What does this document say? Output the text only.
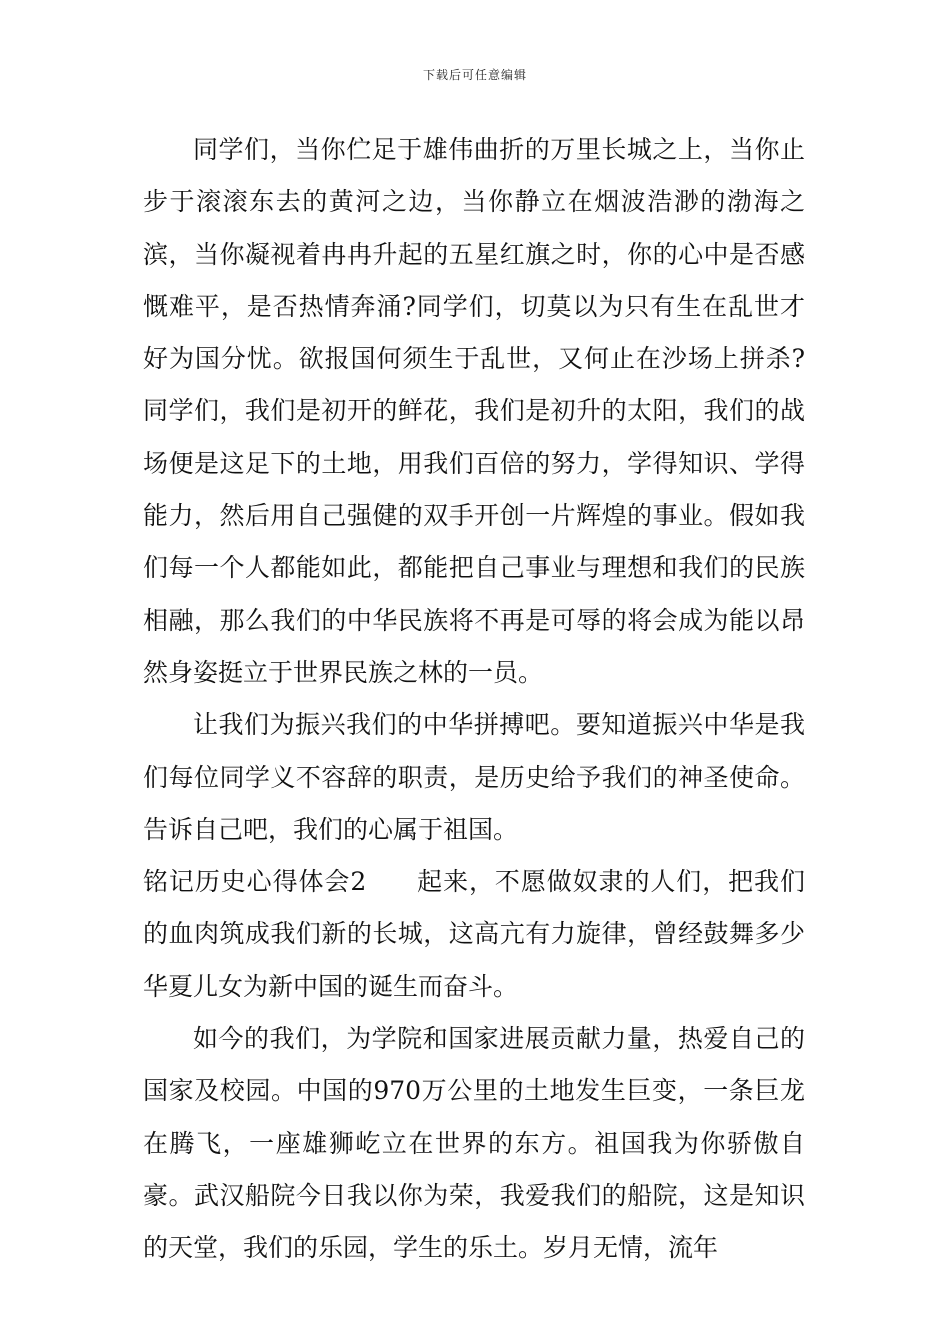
下载后可任意编辑

同学们，当你伫足于雄伟曲折的万里长城之上，当你止步于滚滚东去的黄河之边，当你静立在烟波浩渺的渤海之滨，当你凝视着冉冉升起的五星红旗之时，你的心中是否感慨难平，是否热情奔涌?同学们，切莫以为只有生在乱世才好为国分忧。欲报国何须生于乱世，又何止在沙场上拼杀?同学们，我们是初开的鲜花，我们是初升的太阳，我们的战场便是这足下的土地，用我们百倍的努力，学得知识、学得能力，然后用自己强健的双手开创一片辉煌的事业。假如我们每一个人都能如此，都能把自己事业与理想和我们的民族相融，那么我们的中华民族将不再是可辱的将会成为能以昂然身姿挺立于世界民族之林的一员。

让我们为振兴我们的中华拼搏吧。要知道振兴中华是我们每位同学义不容辞的职责，是历史给予我们的神圣使命。告诉自己吧，我们的心属于祖国。

铭记历史心得体会2 起来，不愿做奴隶的人们，把我们的血肉筑成我们新的长城，这高亢有力旋律，曾经鼓舞多少华夏儿女为新中国的诞生而奋斗。

如今的我们，为学院和国家进展贡献力量，热爱自己的国家及校园。中国的970万公里的土地发生巨变，一条巨龙在腾飞，一座雄狮屹立在世界的东方。祖国我为你骄傲自豪。武汉船院今日我以你为荣，我爱我们的船院，这是知识的天堂，我们的乐园，学生的乐土。岁月无情，流年
